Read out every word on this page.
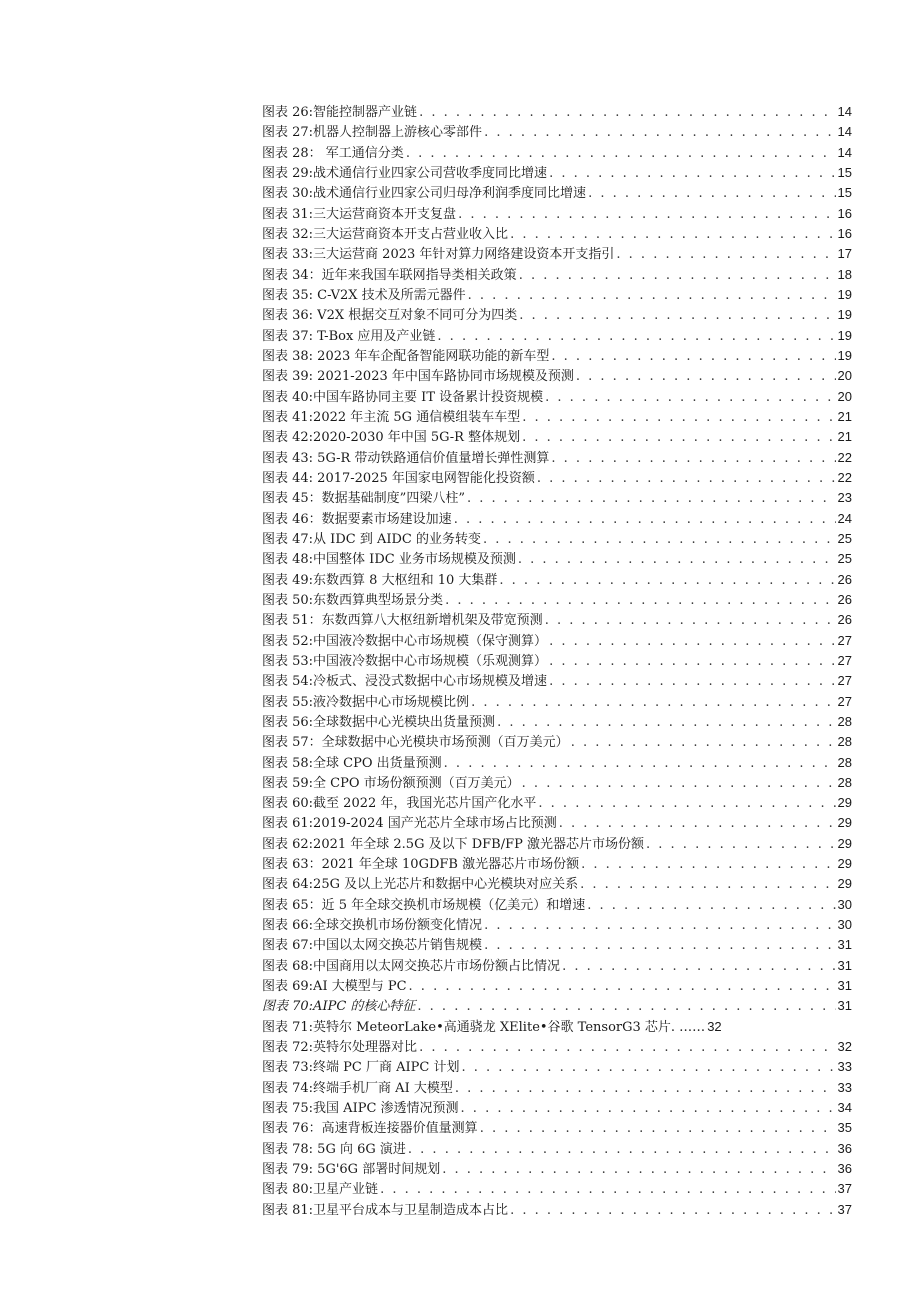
图表 26:智能控制器产业链 . . .	14
图表 27:机器人控制器上游核心零部件 . . .	14
图表 28： 军工通信分类 . . .	14
图表 29:战术通信行业四家公司营收季度同比增速 . . .	15
图表 30:战术通信行业四家公司归母净利润季度同比增速 . . .	15
图表 31:三大运营商资本开支复盘 . . .	16
图表 32:三大运营商资本开支占营业收入比 . . .	16
图表 33:三大运营商 2023 年针对算力网络建设资本开支指引 . . .	17
图表 34：近年来我国车联网指导类相关政策 . . .	18
图表 35: C-V2X 技术及所需元器件 . . .	19
图表 36: V2X 根据交互对象不同可分为四类 . . .	19
图表 37: T-Box 应用及产业链 . . .	19
图表 38: 2023 年车企配备智能网联功能的新车型 . . .	19
图表 39: 2021-2023 年中国车路协同市场规模及预测 . . .	20
图表 40:中国车路协同主要 IT 设备累计投资规模 . . .	20
图表 41:2022 年主流 5G 通信模组装车车型 . . .	21
图表 42:2020-2030 年中国 5G-R 整体规划 . . .	21
图表 43: 5G-R 带动铁路通信价值量增长弹性测算 . . .	22
图表 44: 2017-2025 年国家电网智能化投资额 . . .	22
图表 45：数据基础制度”四梁八柱” . . .	23
图表 46：数据要素市场建设加速 . . .	24
图表 47:从 IDC 到 AIDC 的业务转变 . . .	25
图表 48:中国整体 IDC 业务市场规模及预测 . . .	25
图表 49:东数西算 8 大枢纽和 10 大集群 . . .	26
图表 50:东数西算典型场景分类 . . .	26
图表 51：东数西算八大枢纽新增机架及带宽预测 . . .	26
图表 52:中国液冷数据中心市场规模（保守测算） . . .	27
图表 53:中国液冷数据中心市场规模（乐观测算） . . .	27
图表 54:冷板式、浸没式数据中心市场规模及增速 . . .	27
图表 55:液冷数据中心市场规模比例 . . .	27
图表 56:全球数据中心光模块出货量预测 . . .	28
图表 57：全球数据中心光模块市场预测（百万美元） . . .	28
图表 58:全球 CPO 出货量预测 . . .	28
图表 59:全 CPO 市场份额预测（百万美元） . . .	28
图表 60:截至 2022 年，我国光芯片国产化水平 . . .	29
图表 61:2019-2024 国产光芯片全球市场占比预测 . . .	29
图表 62:2021 年全球 2.5G 及以下 DFB/FP 激光器芯片市场份额 . . .	29
图表 63：2021 年全球 10GDFB 激光器芯片市场份额 . . .	29
图表 64:25G 及以上光芯片和数据中心光模块对应关系 . . .	29
图表 65：近 5 年全球交换机市场规模（亿美元）和增速 . . .	30
图表 66:全球交换机市场份额变化情况 . . .	30
图表 67:中国以太网交换芯片销售规模 . . .	31
图表 68:中国商用以太网交换芯片市场份额占比情况 . . .	31
图表 69:AI 大模型与 PC . . .	31
图表 70:AIPC 的核心特征 . . .	31
图表 71:英特尔 MeteorLake•高通骁龙 XElite•谷歌 TensorG3 芯片. …… 32
图表 72:英特尔处理器对比 . . .	32
图表 73:终端 PC 厂商 AIPC 计划 . . .	33
图表 74:终端手机厂商 AI 大模型 . . .	33
图表 75:我国 AIPC 渗透情况预测 . . .	34
图表 76：高速背板连接器价值量测算 . . .	35
图表 78: 5G 向 6G 演进 . . .	36
图表 79: 5G'6G 部署时间规划 . . .	36
图表 80:卫星产业链 . . .	37
图表 81:卫星平台成本与卫星制造成本占比 . . .	37
